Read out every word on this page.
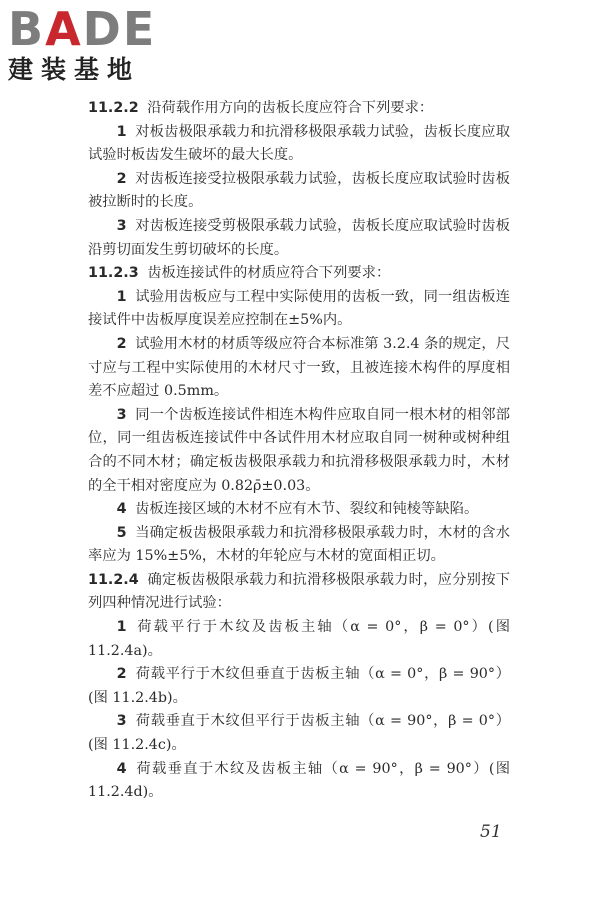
BADE
建装基地

11.2.2 沿荷载作用方向的齿板长度应符合下列要求：

1 对板齿极限承载力和抗滑移极限承载力试验，齿板长度应取试验时板齿发生破坏的最大长度。

2 对齿板连接受拉极限承载力试验，齿板长度应取试验时齿板被拉断时的长度。

3 对齿板连接受剪极限承载力试验，齿板长度应取试验时齿板沿剪切面发生剪切破坏的长度。

11.2.3 齿板连接试件的材质应符合下列要求：

1 试验用齿板应与工程中实际使用的齿板一致，同一组齿板连接试件中齿板厚度误差应控制在±5%内。

2 试验用木材的材质等级应符合本标准第 3.2.4 条的规定，尺寸应与工程中实际使用的木材尺寸一致，且被连接木构件的厚度相差不应超过 0.5mm。

3 同一个齿板连接试件相连木构件应取自同一根木材的相邻部位，同一组齿板连接试件中各试件用木材应取自同一树种或树种组合的不同木材；确定板齿极限承载力和抗滑移极限承载力时，木材的全干相对密度应为 0.82ρ̄±0.03。

4 齿板连接区域的木材不应有木节、裂纹和钝棱等缺陷。

5 当确定板齿极限承载力和抗滑移极限承载力时，木材的含水率应为 15%±5%，木材的年轮应与木材的宽面相正切。

11.2.4 确定板齿极限承载力和抗滑移极限承载力时，应分别按下列四种情况进行试验：

1 荷载平行于木纹及齿板主轴（α = 0°，β = 0°）(图 11.2.4a)。

2 荷载平行于木纹但垂直于齿板主轴（α = 0°，β = 90°）(图 11.2.4b)。

3 荷载垂直于木纹但平行于齿板主轴（α = 90°，β = 0°）(图 11.2.4c)。

4 荷载垂直于木纹及齿板主轴（α = 90°，β = 90°）(图 11.2.4d)。

51
